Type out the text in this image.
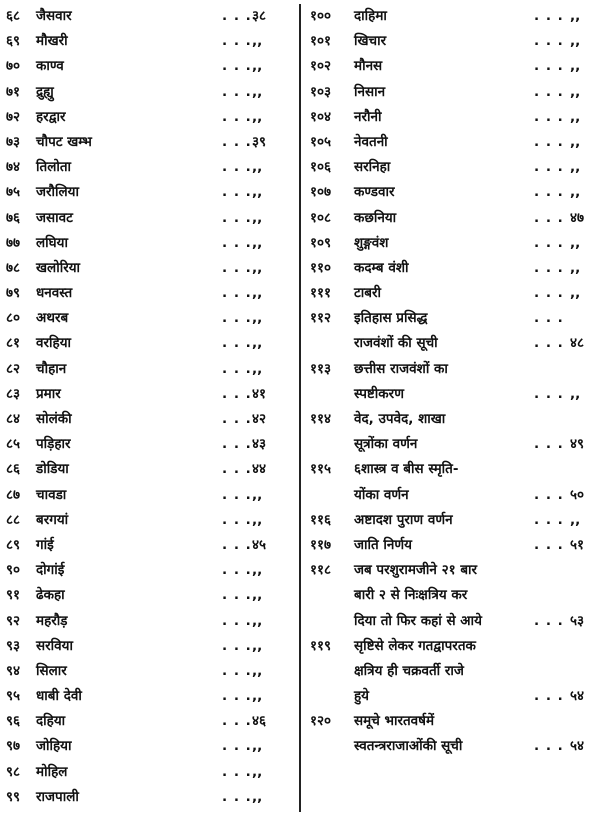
६८	जैसवार	. . . ३८
६९	मौखरी	. . . ,,
७०	काण्व	. . . ,,
७१	द्रुह्यु	. . . ,,
७२	हरद्वार	. . . ,,
७३	चौपट खम्भ	. . . ३९
७४	तिलोता	. . . ,,
७५	जरौलिया	. . . ,,
७६	जसावट	. . . ,,
७७	लघिया	. . . ,,
७८	खलोरिया	. . . ,,
७९	धनवस्त	. . . ,,
८०	अथरब	. . . ,,
८१	वरहिया	. . . ,,
८२	चौहान	. . . ,,
८३	प्रमार	. . . ४१
८४	सोलंकी	. . . ४२
८५	पड़िहार	. . . ४३
८६	डोडिया	. . . ४४
८७	चावडा	. . . ,,
८८	बरगयां	. . . ,,
८९	गांई	. . . ४५
९०	दोगांई	. . . ,,
९१	ढेकहा	. . . ,,
९२	महरौड़	. . . ,,
९३	सरविया	. . . ,,
९४	सिलार	. . . ,,
९५	धाबी देवी	. . . ,,
९६	दहिया	. . . ४६
९७	जोहिया	. . . ,,
९८	मोहिल	. . . ,,
९९	राजपाली	. . . ,,
१००	दाहिमा	. . . ,,
१०१	खिचार	. . . ,,
१०२	मौनस	. . . ,,
१०३	निसान	. . . ,,
१०४	नरौनी	. . . ,,
१०५	नेवतनी	. . . ,,
१०६	सरनिहा	. . . ,,
१०७	कण्डवार	. . . ,,
१०८	कछनिया	. . . ४७
१०९	शुङ्गवंश	. . . ,,
११०	कदम्ब वंशी	. . . ,,
१११	टाबरी	. . . ,,
११२	इतिहास प्रसिद्ध	. . .
राजवंशों की सूची	. . . ४८
११३	छत्तीस राजवंशों का
स्पष्टीकरण	. . . ,,
११४	वेद, उपवेद, शाखा
सूत्रोंका वर्णन	. . . ४९
११५	६शास्त्र व बीस स्मृति-
योंका वर्णन	. . . ५०
११६	अष्टादश पुराण वर्णन	. . . ,,
११७	जाति निर्णय	. . . ५१
११८	जब परशुरामजीने २१ बार
बारी २ से निःक्षत्रिय कर
दिया तो फिर कहां से आये	. . . ५३
११९	सृष्टिसे लेकर गतद्वापरतक
क्षत्रिय ही चक्रवर्ती राजे
हुये	. . . ५४
१२०	समूचे भारतवर्षमें
स्वतन्त्रराजाओंकी सूची	. . . ५४
